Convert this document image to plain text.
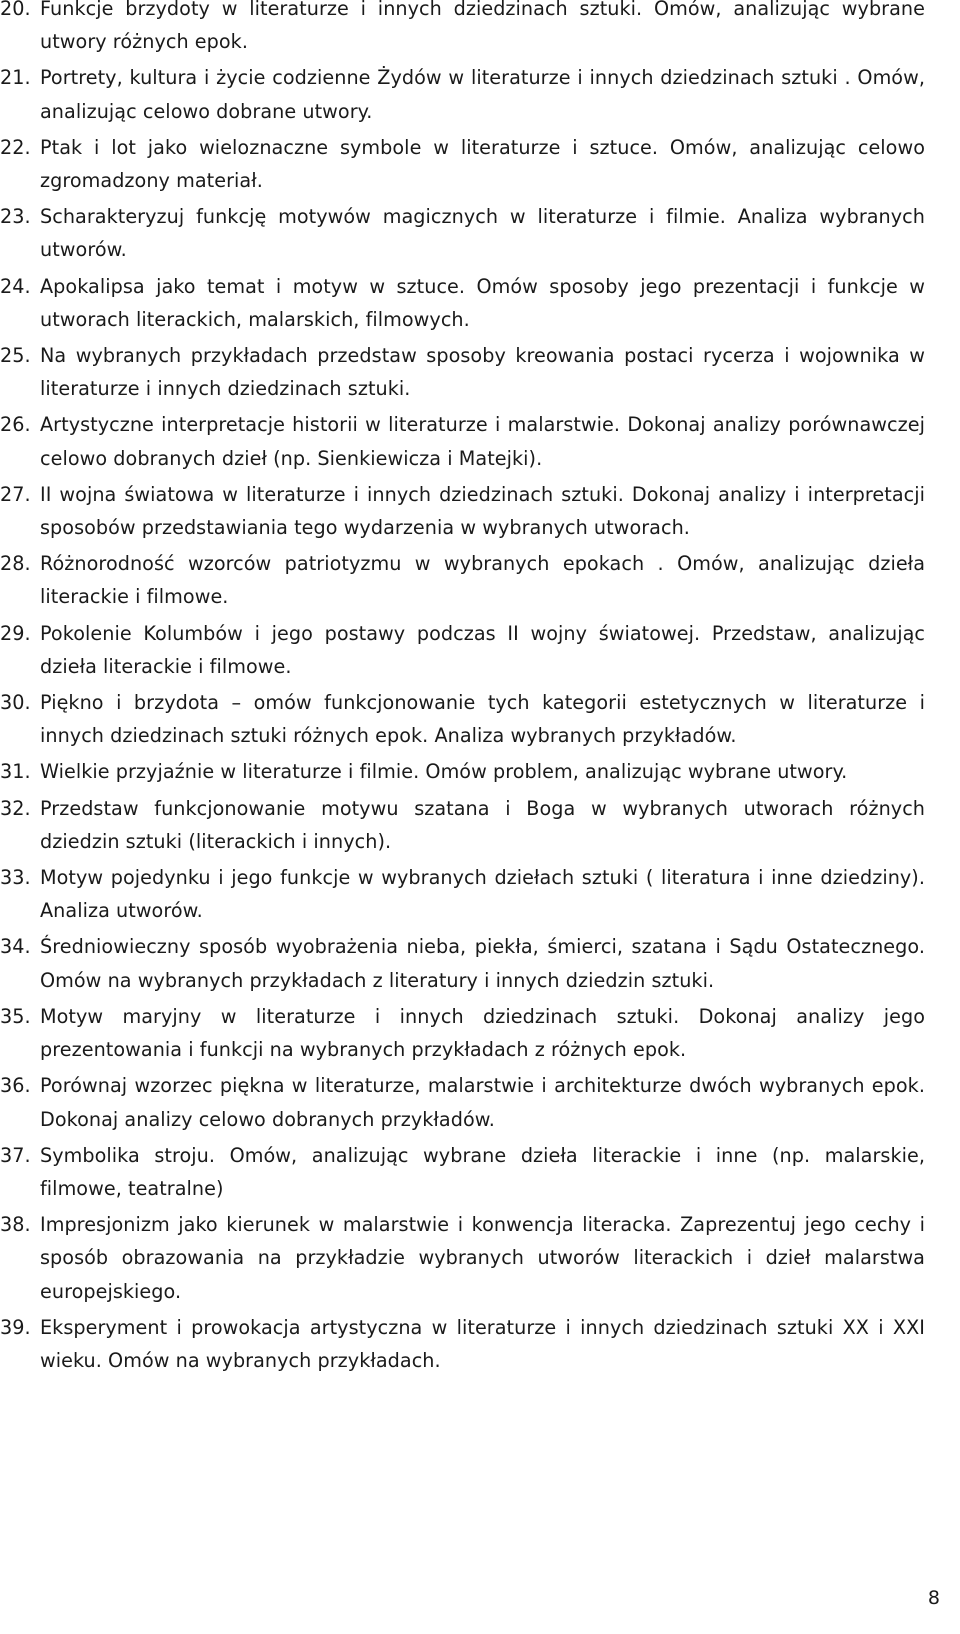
20. Funkcje brzydoty w literaturze i innych dziedzinach sztuki. Omów, analizując wybrane utwory różnych epok.
21. Portrety, kultura i życie codzienne Żydów w literaturze i innych dziedzinach sztuki . Omów, analizując celowo dobrane utwory.
22. Ptak i lot jako wieloznaczne symbole w literaturze i sztuce. Omów, analizując celowo zgromadzony materiał.
23. Scharakteryzuj funkcję motywów magicznych w literaturze i filmie. Analiza wybranych utworów.
24. Apokalipsa jako temat i motyw w sztuce. Omów sposoby jego prezentacji i funkcje w utworach literackich, malarskich, filmowych.
25. Na wybranych przykładach przedstaw sposoby kreowania postaci rycerza i wojownika w literaturze i innych dziedzinach sztuki.
26. Artystyczne interpretacje historii w literaturze i malarstwie. Dokonaj analizy porównawczej celowo dobranych dzieł (np. Sienkiewicza i Matejki).
27. II wojna światowa w literaturze i innych dziedzinach sztuki. Dokonaj analizy i interpretacji sposobów przedstawiania tego wydarzenia w wybranych utworach.
28. Różnorodność wzorców patriotyzmu w wybranych epokach . Omów, analizując dzieła literackie i filmowe.
29. Pokolenie Kolumbów i jego postawy podczas II wojny światowej. Przedstaw, analizując dzieła literackie i filmowe.
30. Piękno i brzydota – omów funkcjonowanie tych kategorii estetycznych w literaturze i innych dziedzinach sztuki różnych epok. Analiza wybranych przykładów.
31. Wielkie przyjaźnie w literaturze i filmie. Omów problem, analizując wybrane utwory.
32. Przedstaw funkcjonowanie motywu szatana i Boga w wybranych utworach różnych dziedzin sztuki (literackich i innych).
33. Motyw pojedynku i jego funkcje w wybranych dziełach sztuki ( literatura i inne dziedziny). Analiza utworów.
34. Średniowieczny sposób wyobrażenia nieba, piekła, śmierci, szatana i Sądu Ostatecznego. Omów na wybranych przykładach z literatury i innych dziedzin sztuki.
35. Motyw maryjny w literaturze i innych dziedzinach sztuki. Dokonaj analizy jego prezentowania i funkcji na wybranych przykładach z różnych epok.
36. Porównaj wzorzec piękna w literaturze, malarstwie i architekturze dwóch wybranych epok. Dokonaj analizy celowo dobranych przykładów.
37. Symbolika stroju. Omów, analizując wybrane dzieła literackie i inne (np. malarskie, filmowe, teatralne)
38. Impresjonizm jako kierunek w malarstwie i konwencja literacka. Zaprezentuj jego cechy i sposób obrazowania na przykładzie wybranych utworów literackich i dzieł malarstwa europejskiego.
39. Eksperyment i prowokacja artystyczna w literaturze i innych dziedzinach sztuki XX i XXI wieku. Omów na wybranych przykładach.
8
